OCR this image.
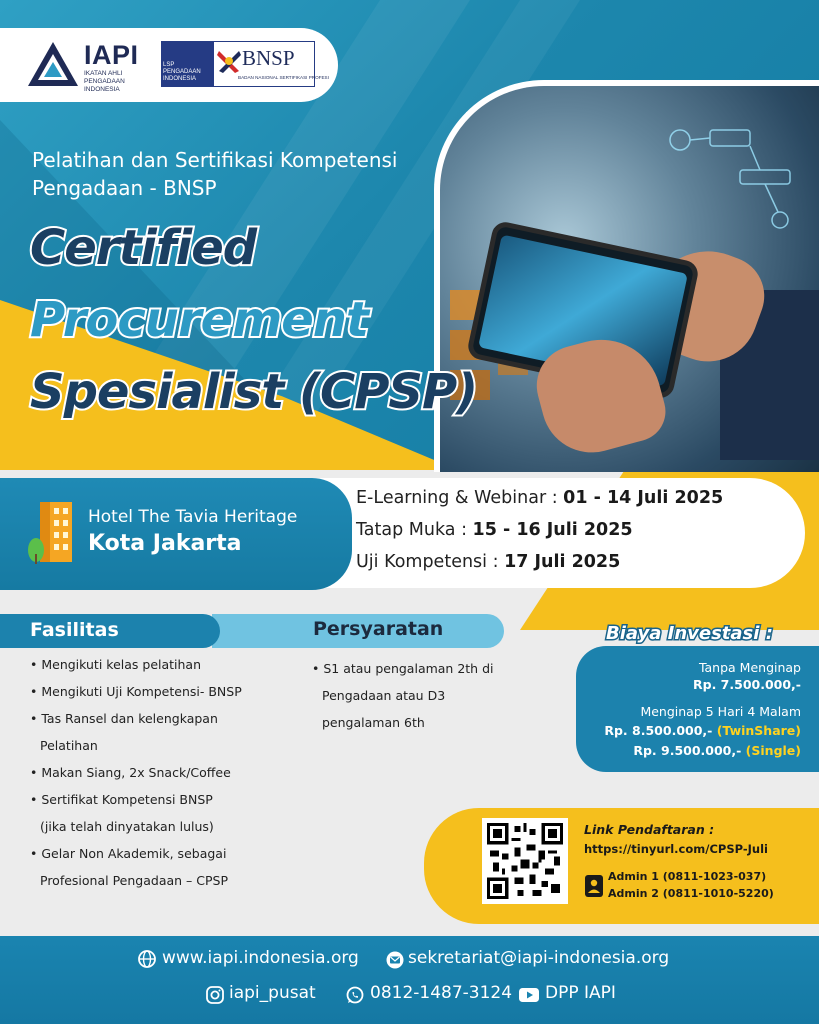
IAPI
IKATAN AHLI PENGADAAN INDONESIA
LSP PENGADAAN INDONESIA
BNSP
BADAN NASIONAL SERTIFIKASI PROFESI
Pelatihan dan Sertifikasi Kompetensi Pengadaan - BNSP
Certified
Procurement
Spesialist (CPSP)
Hotel The Tavia Heritage
Kota Jakarta
E-Learning & Webinar : 01 - 14 Juli 2025
Tatap Muka : 15 - 16 Juli 2025
Uji Kompetensi : 17 Juli 2025
Fasilitas	Persyaratan
• Mengikuti kelas pelatihan
• Mengikuti Uji Kompetensi- BNSP
• Tas Ransel dan kelengkapan
Pelatihan
• Makan Siang, 2x Snack/Coffee
• Sertifikat Kompetensi BNSP
(jika telah dinyatakan lulus)
• Gelar Non Akademik, sebagai
Profesional Pengadaan – CPSP
• S1 atau pengalaman 2th di
Pengadaan atau D3
pengalaman 6th
Biaya Investasi :
Tanpa Menginap
Rp. 7.500.000,-
Menginap 5 Hari 4 Malam
Rp. 8.500.000,- (TwinShare)
Rp. 9.500.000,- (Single)
Link Pendaftaran :
https://tinyurl.com/CPSP-Juli
Admin 1 (0811-1023-037)
Admin 2 (0811-1010-5220)
www.iapi.indonesia.org	sekretariat@iapi-indonesia.org
iapi_pusat	0812-1487-3124 DPP IAPI
